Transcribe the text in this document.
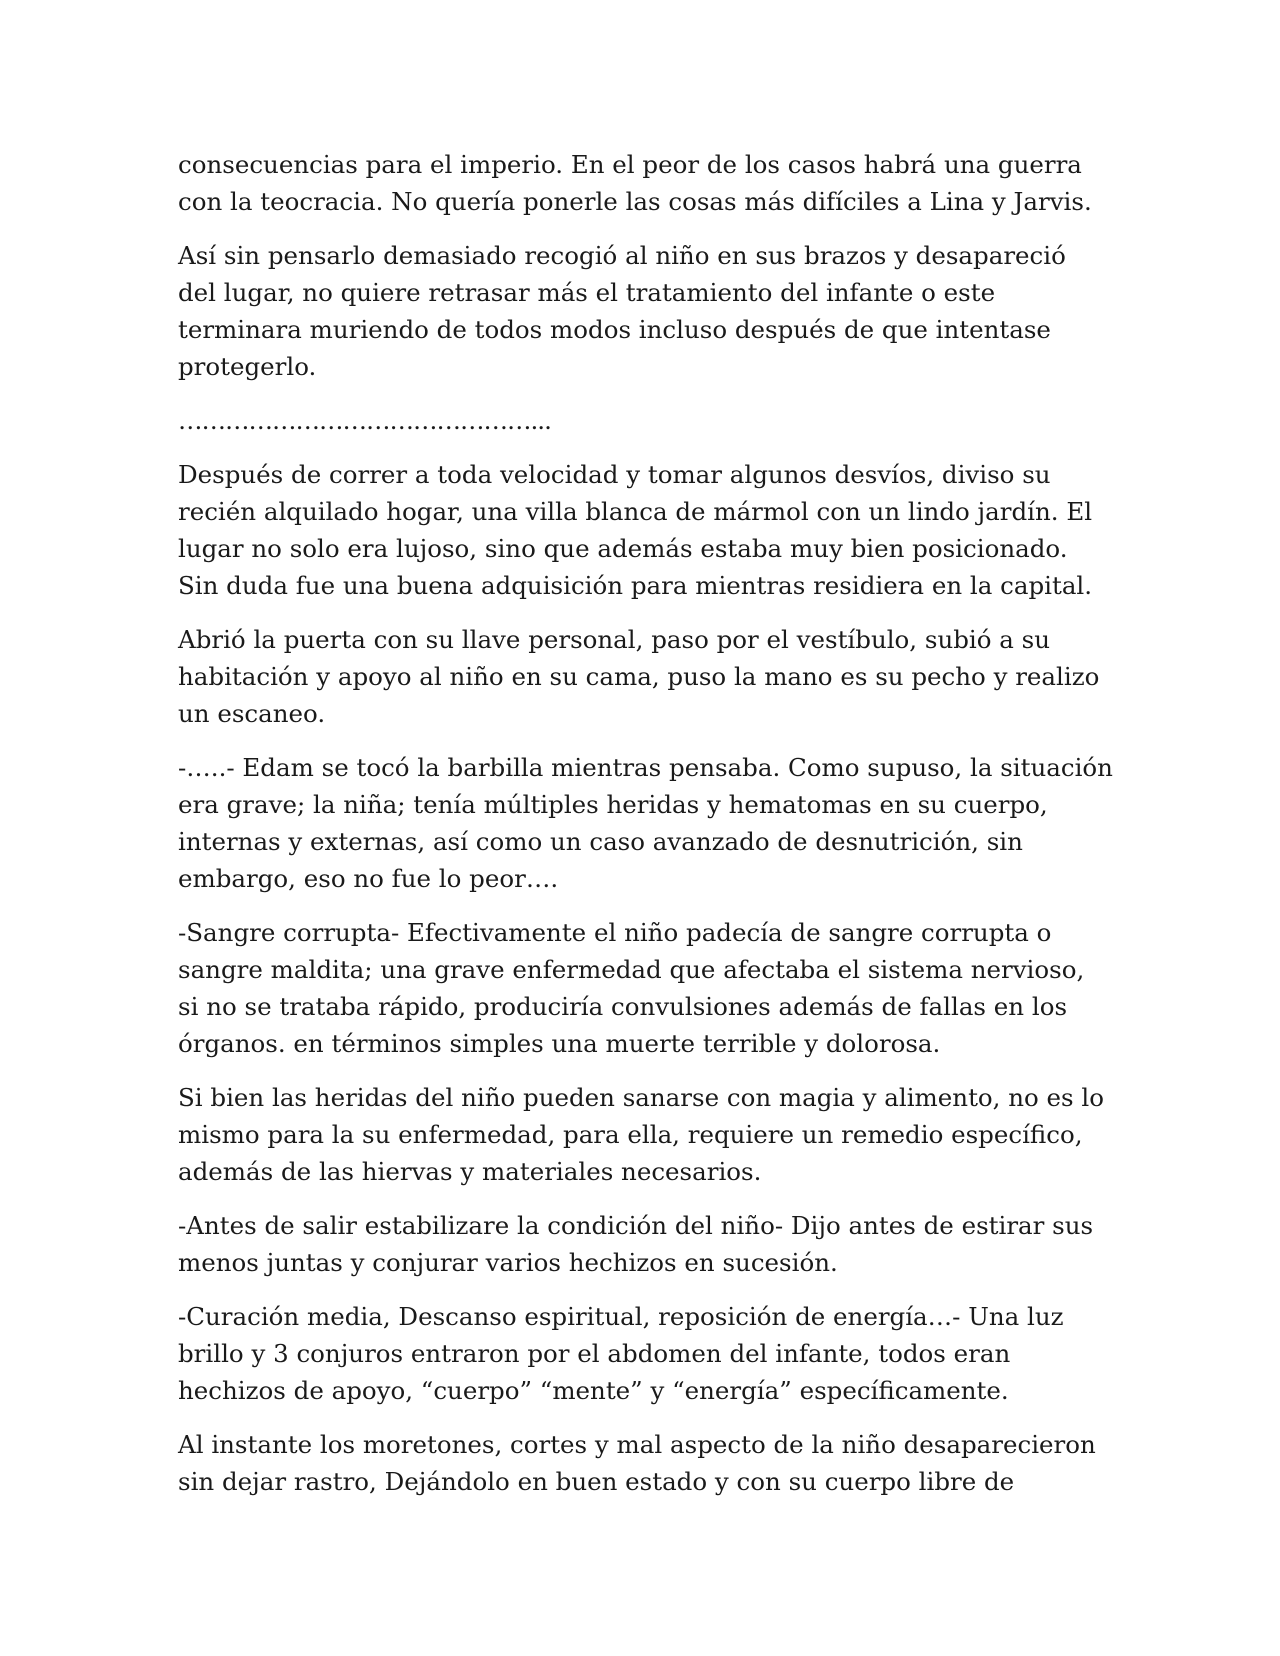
consecuencias para el imperio. En el peor de los casos habrá una guerra
con la teocracia. No quería ponerle las cosas más difíciles a Lina y Jarvis.

Así sin pensarlo demasiado recogió al niño en sus brazos y desapareció
del lugar, no quiere retrasar más el tratamiento del infante o este
terminara muriendo de todos modos incluso después de que intentase
protegerlo.

………………………………………...

Después de correr a toda velocidad y tomar algunos desvíos, diviso su
recién alquilado hogar, una villa blanca de mármol con un lindo jardín. El
lugar no solo era lujoso, sino que además estaba muy bien posicionado.
Sin duda fue una buena adquisición para mientras residiera en la capital.

Abrió la puerta con su llave personal, paso por el vestíbulo, subió a su
habitación y apoyo al niño en su cama, puso la mano es su pecho y realizo
un escaneo.

-…..- Edam se tocó la barbilla mientras pensaba. Como supuso, la situación
era grave; la niña; tenía múltiples heridas y hematomas en su cuerpo,
internas y externas, así como un caso avanzado de desnutrición, sin
embargo, eso no fue lo peor….

-Sangre corrupta- Efectivamente el niño padecía de sangre corrupta o
sangre maldita; una grave enfermedad que afectaba el sistema nervioso,
si no se trataba rápido, produciría convulsiones además de fallas en los
órganos. en términos simples una muerte terrible y dolorosa.

Si bien las heridas del niño pueden sanarse con magia y alimento, no es lo
mismo para la su enfermedad, para ella, requiere un remedio específico,
además de las hiervas y materiales necesarios.

-Antes de salir estabilizare la condición del niño- Dijo antes de estirar sus
menos juntas y conjurar varios hechizos en sucesión.

-Curación media, Descanso espiritual, reposición de energía…- Una luz
brillo y 3 conjuros entraron por el abdomen del infante, todos eran
hechizos de apoyo, “cuerpo” “mente” y “energía” específicamente.

Al instante los moretones, cortes y mal aspecto de la niño desaparecieron
sin dejar rastro, Dejándolo en buen estado y con su cuerpo libre de
